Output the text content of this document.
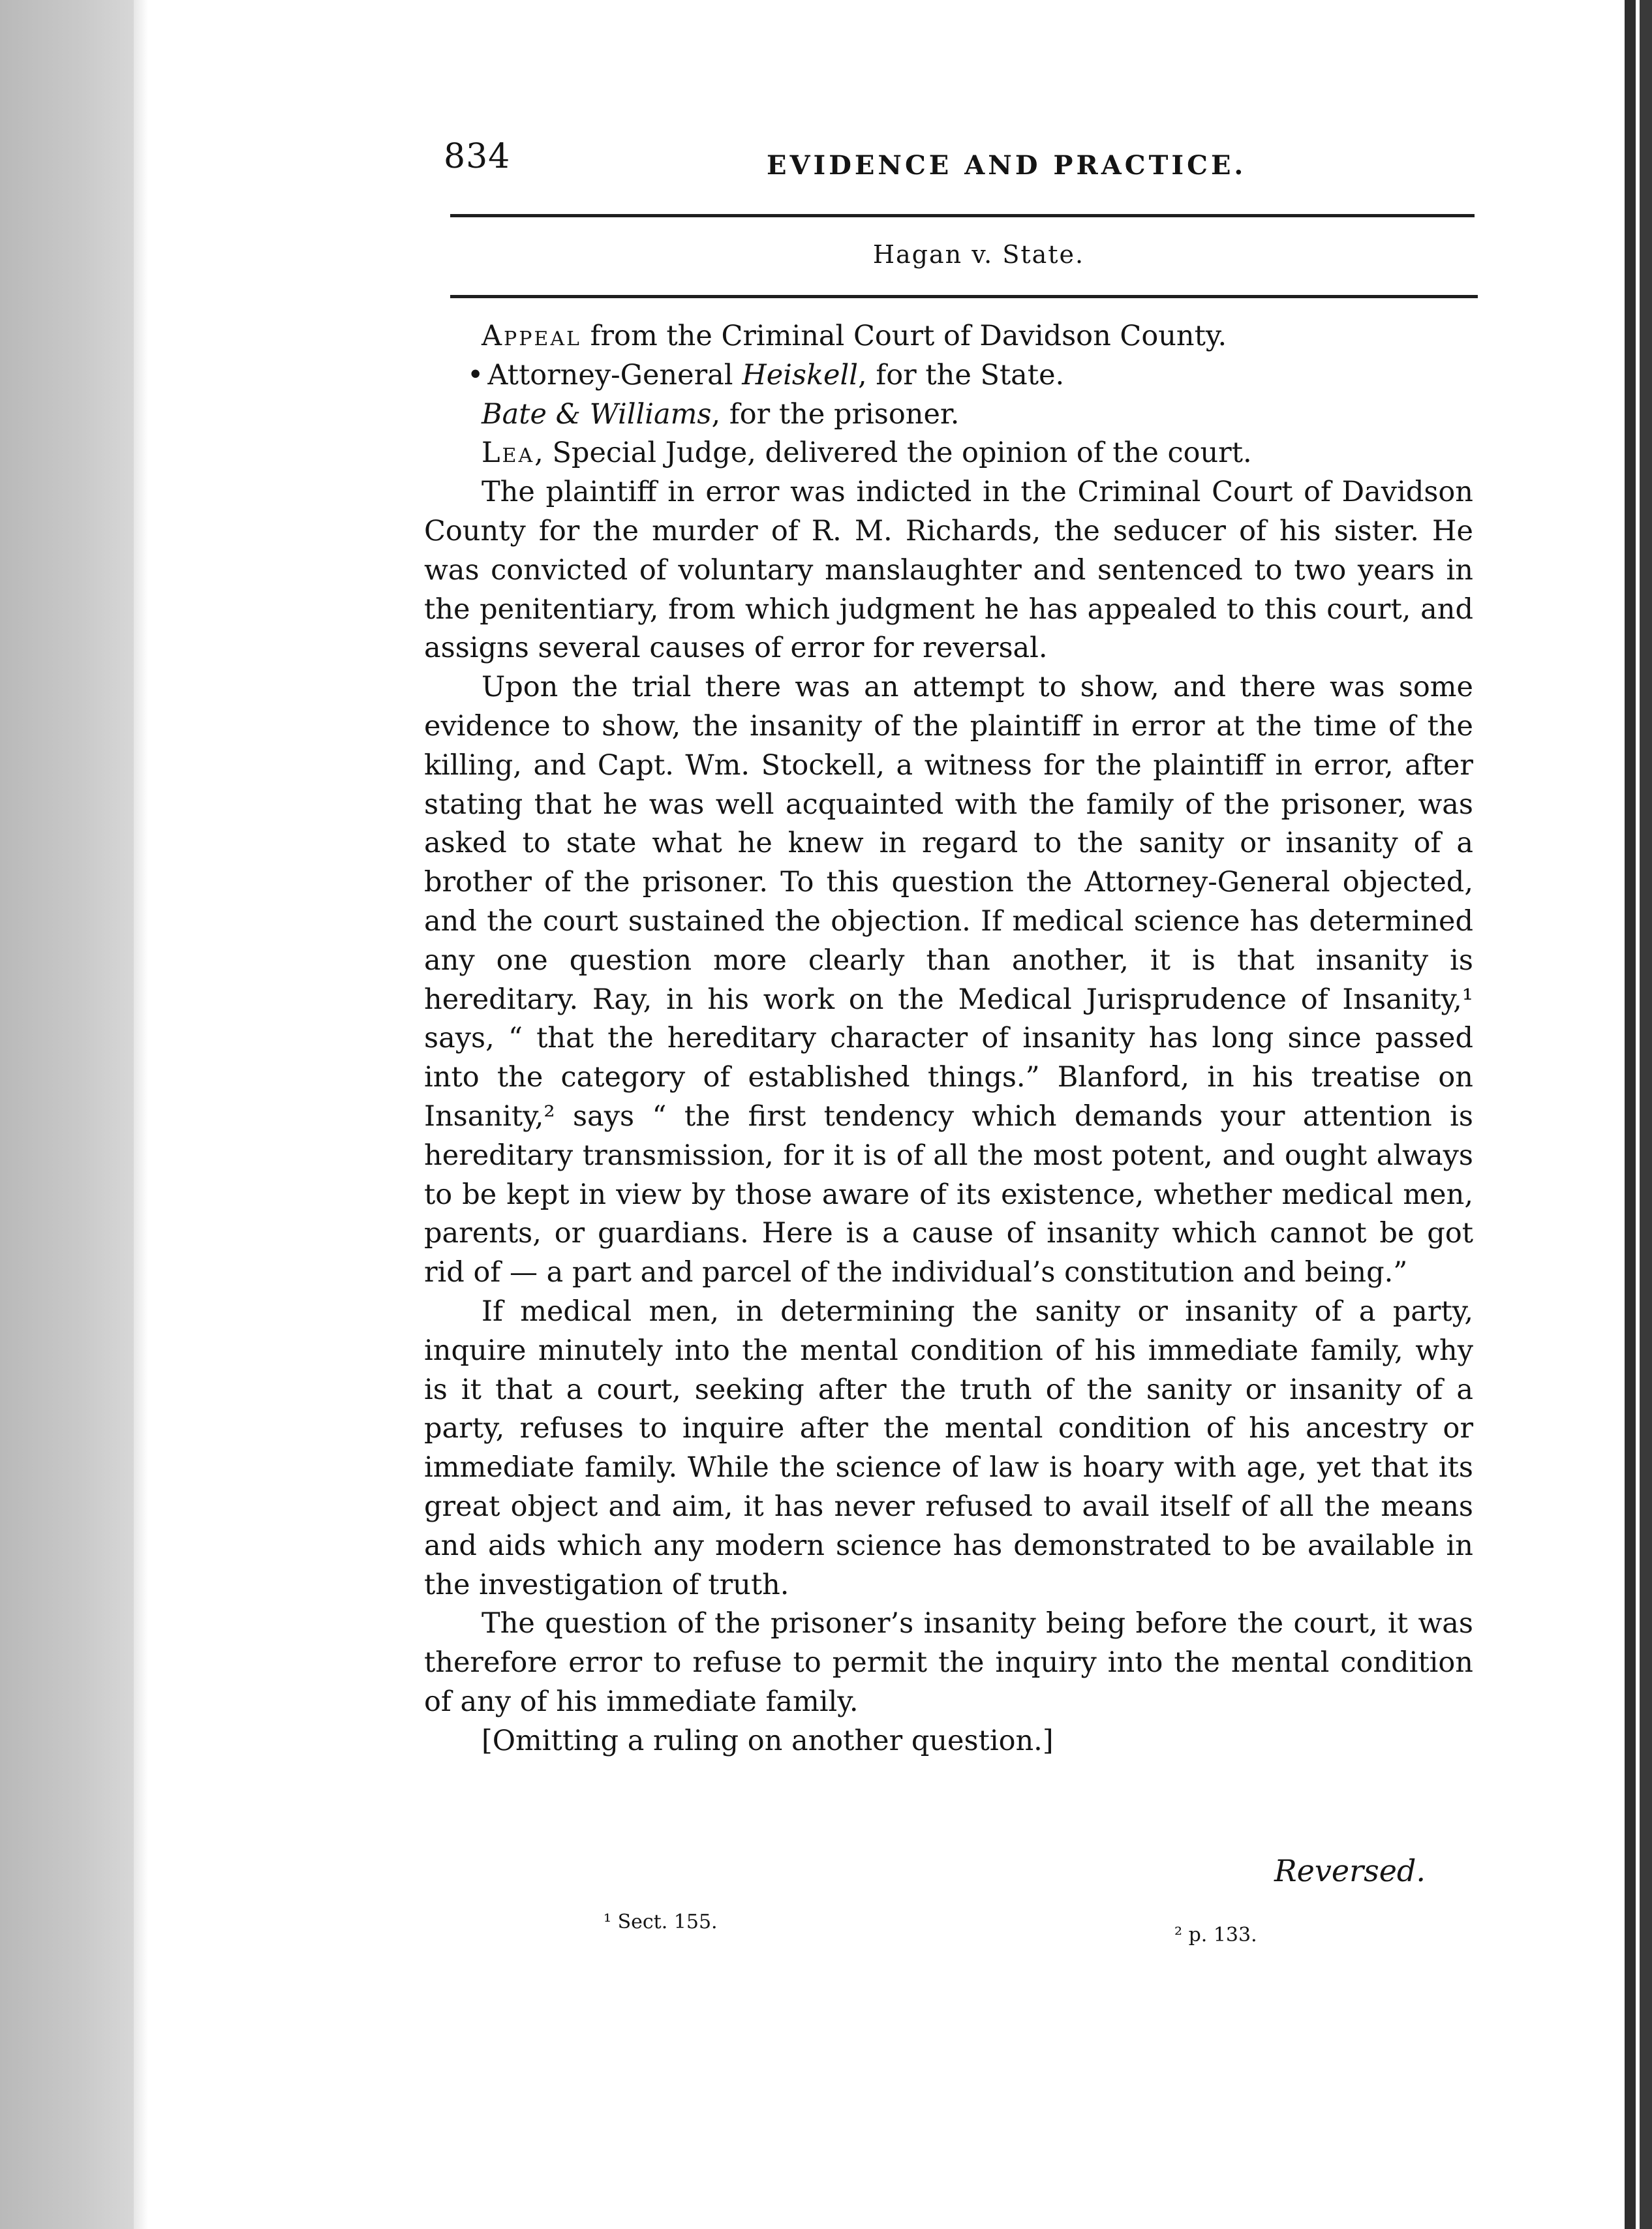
834	EVIDENCE AND PRACTICE.
Hagan v. State.

Appeal from the Criminal Court of Davidson County.

• Attorney-General Heiskell, for the State.

Bate & Williams, for the prisoner.

Lea, Special Judge, delivered the opinion of the court.

The plaintiff in error was indicted in the Criminal Court of Davidson County for the murder of R. M. Richards, the seducer of his sister. He was convicted of voluntary manslaughter and sentenced to two years in the penitentiary, from which judgment he has appealed to this court, and assigns several causes of error for reversal.

Upon the trial there was an attempt to show, and there was some evidence to show, the insanity of the plaintiff in error at the time of the killing, and Capt. Wm. Stockell, a witness for the plaintiff in error, after stating that he was well acquainted with the family of the prisoner, was asked to state what he knew in regard to the sanity or insanity of a brother of the prisoner. To this question the Attorney-General objected, and the court sustained the objection. If medical science has determined any one question more clearly than another, it is that insanity is hereditary. Ray, in his work on the Medical Jurisprudence of Insanity,¹ says, “ that the hereditary character of insanity has long since passed into the category of established things.” Blanford, in his treatise on Insanity,² says “ the first tendency which demands your attention is hereditary transmission, for it is of all the most potent, and ought always to be kept in view by those aware of its existence, whether medical men, parents, or guardians. Here is a cause of insanity which cannot be got rid of — a part and parcel of the individual’s constitution and being.”

If medical men, in determining the sanity or insanity of a party, inquire minutely into the mental condition of his immediate family, why is it that a court, seeking after the truth of the sanity or insanity of a party, refuses to inquire after the mental condition of his ancestry or immediate family. While the science of law is hoary with age, yet that its great object and aim, it has never refused to avail itself of all the means and aids which any modern science has demonstrated to be available in the investigation of truth.

The question of the prisoner’s insanity being before the court, it was therefore error to refuse to permit the inquiry into the mental condition of any of his immediate family.

[Omitting a ruling on another question.]

Reversed.
¹ Sect. 155.
² p. 133.
